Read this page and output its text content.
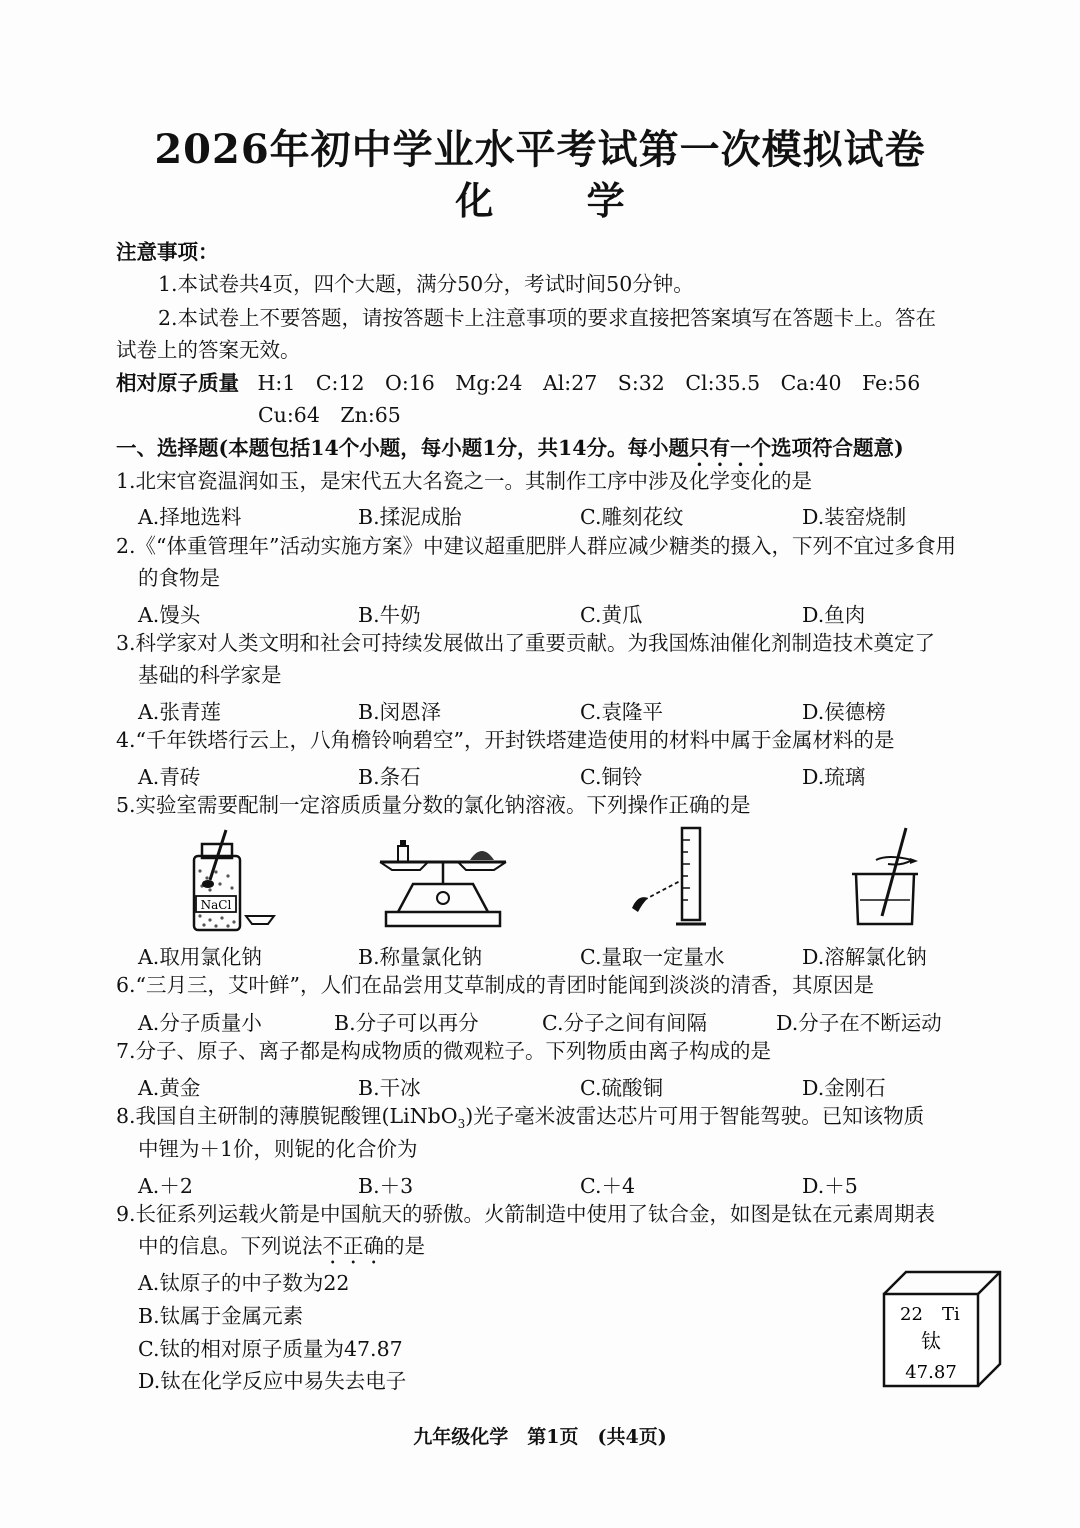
2026年初中学业水平考试第一次模拟试卷
化 学
注意事项：
1.本试卷共4页，四个大题，满分50分，考试时间50分钟。
2.本试卷上不要答题，请按答题卡上注意事项的要求直接把答案填写在答题卡上。答在
试卷上的答案无效。
相对原子质量 H:1　C:12　O:16　Mg:24　Al:27　S:32　Cl:35.5　Ca:40　Fe:56
Cu:64　Zn:65
一、选择题(本题包括14个小题，每小题1分，共14分。每小题只有一个选项符合题意)
1.北宋官瓷温润如玉，是宋代五大名瓷之一。其制作工序中涉及化学变化的是
A.择地选料	B.揉泥成胎	C.雕刻花纹	D.装窑烧制
2.《“体重管理年”活动实施方案》中建议超重肥胖人群应减少糖类的摄入，下列不宜过多食用
的食物是
A.馒头	B.牛奶	C.黄瓜	D.鱼肉
3.科学家对人类文明和社会可持续发展做出了重要贡献。为我国炼油催化剂制造技术奠定了
基础的科学家是
A.张青莲	B.闵恩泽	C.袁隆平	D.侯德榜
4.“千年铁塔行云上，八角檐铃响碧空”，开封铁塔建造使用的材料中属于金属材料的是
A.青砖	B.条石	C.铜铃	D.琉璃
5.实验室需要配制一定溶质质量分数的氯化钠溶液。下列操作正确的是
NaCl
A.取用氯化钠	B.称量氯化钠	C.量取一定量水	D.溶解氯化钠
6.“三月三，艾叶鲜”，人们在品尝用艾草制成的青团时能闻到淡淡的清香，其原因是
A.分子质量小	B.分子可以再分	C.分子之间有间隔	D.分子在不断运动
7.分子、原子、离子都是构成物质的微观粒子。下列物质由离子构成的是
A.黄金	B.干冰	C.硫酸铜	D.金刚石
8.我国自主研制的薄膜铌酸锂(LiNbO$_3$)光子毫米波雷达芯片可用于智能驾驶。已知该物质
中锂为＋1价，则铌的化合价为
A.＋2	B.＋3	C.＋4	D.＋5
9.长征系列运载火箭是中国航天的骄傲。火箭制造中使用了钛合金，如图是钛在元素周期表
中的信息。下列说法不正确的是
A.钛原子的中子数为22
B.钛属于金属元素
C.钛的相对原子质量为47.87
D.钛在化学反应中易失去电子
22 Ti
钛
47.87
九年级化学　第1页　(共4页)
